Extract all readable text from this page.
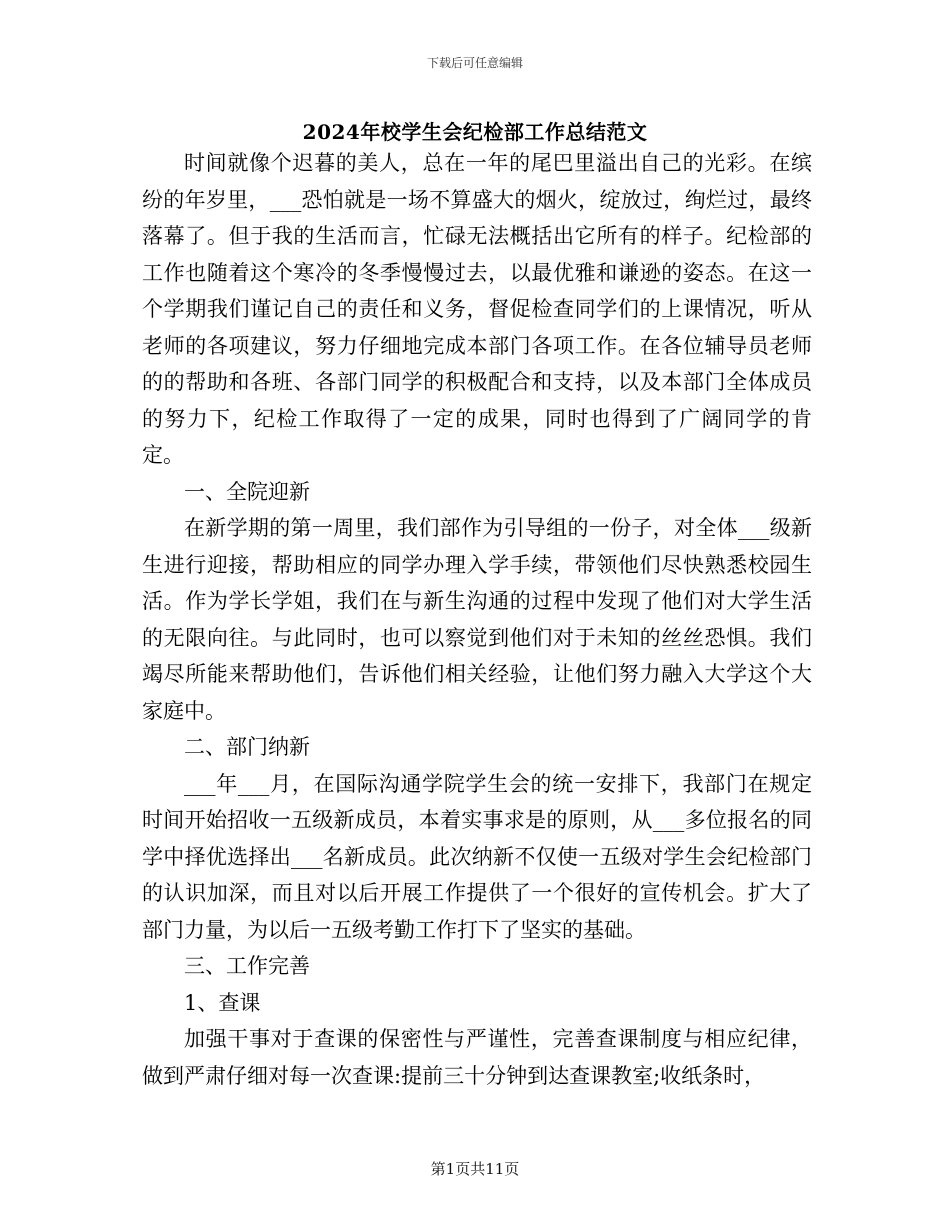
下载后可任意编辑
2024年校学生会纪检部工作总结范文

时间就像个迟暮的美人，总在一年的尾巴里溢出自己的光彩。在缤纷的年岁里，___恐怕就是一场不算盛大的烟火，绽放过，绚烂过，最终落幕了。但于我的生活而言，忙碌无法概括出它所有的样子。纪检部的工作也随着这个寒冷的冬季慢慢过去，以最优雅和谦逊的姿态。在这一个学期我们谨记自己的责任和义务，督促检查同学们的上课情况，听从老师的各项建议，努力仔细地完成本部门各项工作。在各位辅导员老师的的帮助和各班、各部门同学的积极配合和支持，以及本部门全体成员的努力下，纪检工作取得了一定的成果，同时也得到了广阔同学的肯定。

一、全院迎新

在新学期的第一周里，我们部作为引导组的一份子，对全体___级新生进行迎接，帮助相应的同学办理入学手续，带领他们尽快熟悉校园生活。作为学长学姐，我们在与新生沟通的过程中发现了他们对大学生活的无限向往。与此同时，也可以察觉到他们对于未知的丝丝恐惧。我们竭尽所能来帮助他们，告诉他们相关经验，让他们努力融入大学这个大家庭中。

二、部门纳新

___年___月，在国际沟通学院学生会的统一安排下，我部门在规定时间开始招收一五级新成员，本着实事求是的原则，从___多位报名的同学中择优选择出___名新成员。此次纳新不仅使一五级对学生会纪检部门的认识加深，而且对以后开展工作提供了一个很好的宣传机会。扩大了部门力量，为以后一五级考勤工作打下了坚实的基础。

三、工作完善

1、查课

加强干事对于查课的保密性与严谨性，完善查课制度与相应纪律，做到严肃仔细对每一次查课:提前三十分钟到达查课教室;收纸条时，

第1页共11页
